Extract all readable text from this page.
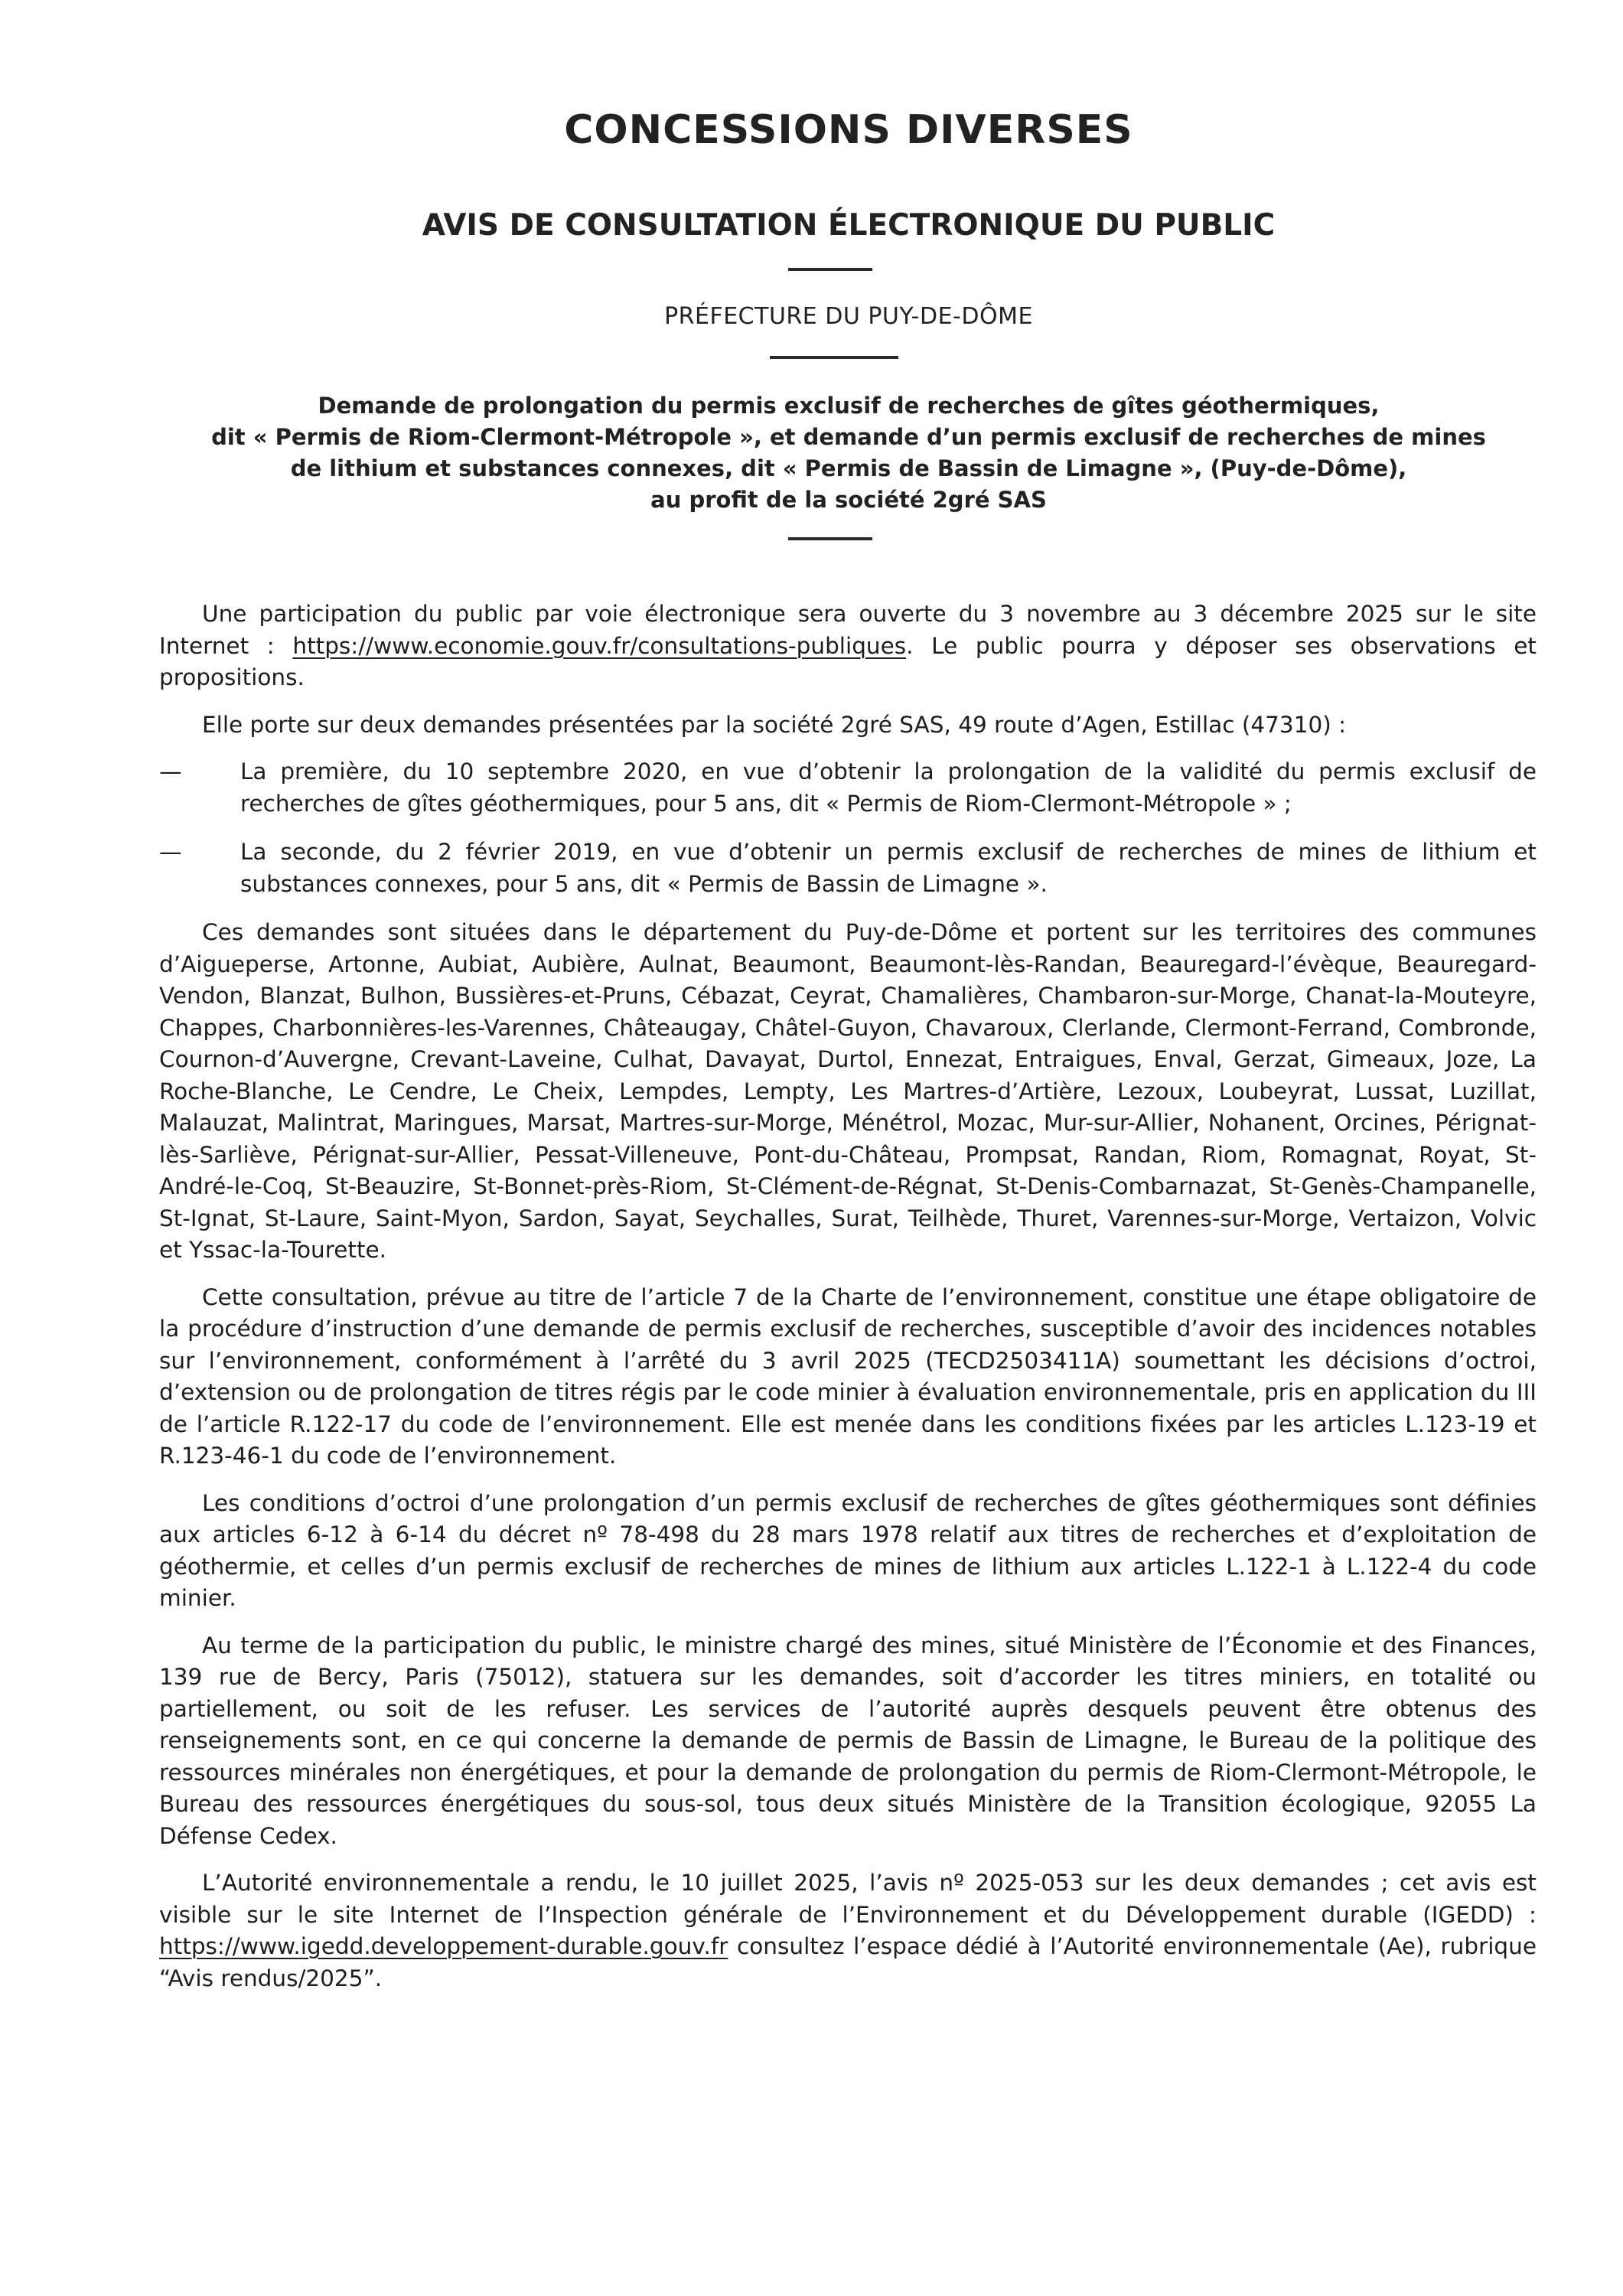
CONCESSIONS DIVERSES
AVIS DE CONSULTATION ÉLECTRONIQUE DU PUBLIC
PRÉFECTURE DU PUY-DE-DÔME
Demande de prolongation du permis exclusif de recherches de gîtes géothermiques,
dit « Permis de Riom-Clermont-Métropole », et demande d’un permis exclusif de recherches de mines
de lithium et substances connexes, dit « Permis de Bassin de Limagne », (Puy-de-Dôme),
au profit de la société 2gré SAS

Une participation du public par voie électronique sera ouverte du 3 novembre au 3 décembre 2025 sur le site Internet : https://www.economie.gouv.fr/consultations-publiques. Le public pourra y déposer ses observations et propositions.

Elle porte sur deux demandes présentées par la société 2gré SAS, 49 route d’Agen, Estillac (47310) :

—	La première, du 10 septembre 2020, en vue d’obtenir la prolongation de la validité du permis exclusif de recherches de gîtes géothermiques, pour 5 ans, dit « Permis de Riom-Clermont-Métropole » ;
—	La seconde, du 2 février 2019, en vue d’obtenir un permis exclusif de recherches de mines de lithium et substances connexes, pour 5 ans, dit « Permis de Bassin de Limagne ».

Ces demandes sont situées dans le département du Puy-de-Dôme et portent sur les territoires des communes d’Aigueperse, Artonne, Aubiat, Aubière, Aulnat, Beaumont, Beaumont-lès-Randan, Beauregard-l’évèque, Beauregard-Vendon, Blanzat, Bulhon, Bussières-et-Pruns, Cébazat, Ceyrat, Chamalières, Chambaron-sur-Morge, Chanat-la-Mouteyre, Chappes, Charbonnières-les-Varennes, Châteaugay, Châtel-Guyon, Chavaroux, Clerlande, Clermont-Ferrand, Combronde, Cournon-d’Auvergne, Crevant-Laveine, Culhat, Davayat, Durtol, Ennezat, Entraigues, Enval, Gerzat, Gimeaux, Joze, La Roche-Blanche, Le Cendre, Le Cheix, Lempdes, Lempty, Les Martres-d’Artière, Lezoux, Loubeyrat, Lussat, Luzillat, Malauzat, Malintrat, Maringues, Marsat, Martres-sur-Morge, Ménétrol, Mozac, Mur-sur-Allier, Nohanent, Orcines, Pérignat-lès-Sarliève, Pérignat-sur-Allier, Pessat-Villeneuve, Pont-du-Château, Prompsat, Randan, Riom, Romagnat, Royat, St-André-le-Coq, St-Beauzire, St-Bonnet-près-Riom, St-Clément-de-Régnat, St-Denis-Combarnazat, St-Genès-Champanelle, St-Ignat, St-Laure, Saint-Myon, Sardon, Sayat, Seychalles, Surat, Teilhède, Thuret, Varennes-sur-Morge, Vertaizon, Volvic et Yssac-la-Tourette.

Cette consultation, prévue au titre de l’article 7 de la Charte de l’environnement, constitue une étape obligatoire de la procédure d’instruction d’une demande de permis exclusif de recherches, susceptible d’avoir des incidences notables sur l’environnement, conformément à l’arrêté du 3 avril 2025 (TECD2503411A) soumettant les décisions d’octroi, d’extension ou de prolongation de titres régis par le code minier à évaluation environnementale, pris en application du III de l’article R.122-17 du code de l’environnement. Elle est menée dans les conditions fixées par les articles L.123-19 et R.123-46-1 du code de l’environnement.

Les conditions d’octroi d’une prolongation d’un permis exclusif de recherches de gîtes géothermiques sont définies aux articles 6-12 à 6-14 du décret nº 78-498 du 28 mars 1978 relatif aux titres de recherches et d’exploitation de géothermie, et celles d’un permis exclusif de recherches de mines de lithium aux articles L.122-1 à L.122-4 du code minier.

Au terme de la participation du public, le ministre chargé des mines, situé Ministère de l’Économie et des Finances, 139 rue de Bercy, Paris (75012), statuera sur les demandes, soit d’accorder les titres miniers, en totalité ou partiellement, ou soit de les refuser. Les services de l’autorité auprès desquels peuvent être obtenus des renseignements sont, en ce qui concerne la demande de permis de Bassin de Limagne, le Bureau de la politique des ressources minérales non énergétiques, et pour la demande de prolongation du permis de Riom-Clermont-Métropole, le Bureau des ressources énergétiques du sous-sol, tous deux situés Ministère de la Transition écologique, 92055 La Défense Cedex.

L’Autorité environnementale a rendu, le 10 juillet 2025, l’avis nº 2025-053 sur les deux demandes ; cet avis est visible sur le site Internet de l’Inspection générale de l’Environnement et du Développement durable (IGEDD) : https://www.igedd.developpement-durable.gouv.fr consultez l’espace dédié à l’Autorité environnementale (Ae), rubrique “Avis rendus/2025”.
